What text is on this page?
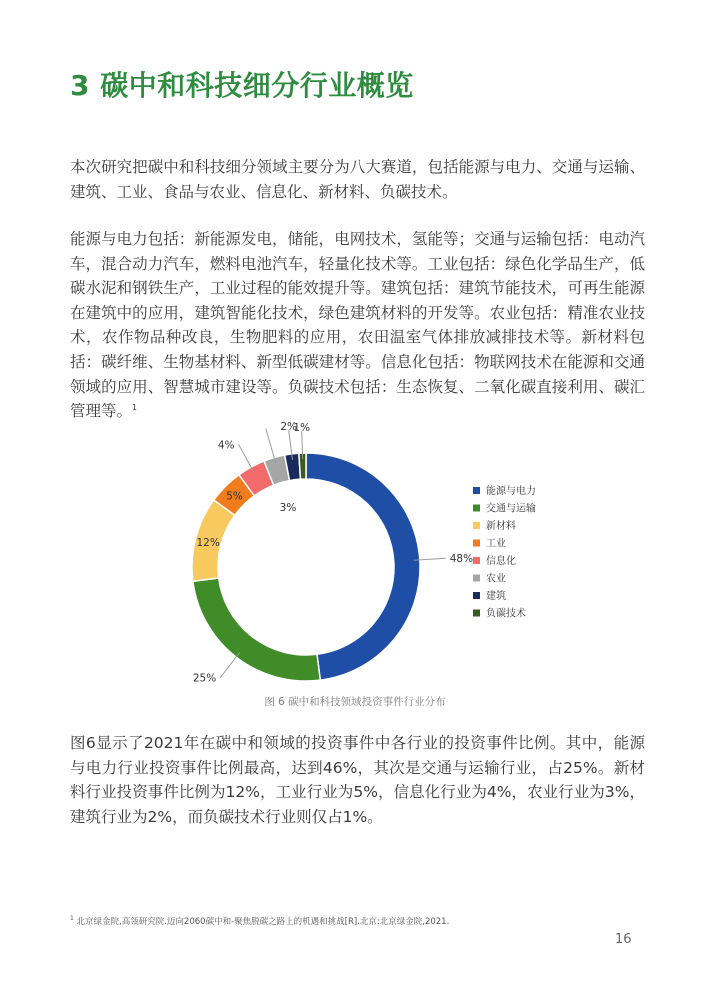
3 碳中和科技细分行业概览

本次研究把碳中和科技细分领域主要分为八大赛道，包括能源与电力、交通与运输、建筑、工业、食品与农业、信息化、新材料、负碳技术。

能源与电力包括：新能源发电，储能，电网技术，氢能等；交通与运输包括：电动汽车，混合动力汽车，燃料电池汽车，轻量化技术等。工业包括：绿色化学品生产，低碳水泥和钢铁生产，工业过程的能效提升等。建筑包括：建筑节能技术，可再生能源在建筑中的应用，建筑智能化技术，绿色建筑材料的开发等。农业包括：精准农业技术，农作物品种改良，生物肥料的应用，农田温室气体排放减排技术等。新材料包括：碳纤维、生物基材料、新型低碳建材等。信息化包括：物联网技术在能源和交通领域的应用、智慧城市建设等。负碳技术包括：生态恢复、二氧化碳直接利用、碳汇管理等。$^1$

48%
25%
12%
5%
4%
3%
2%
1%
能源与电力
交通与运输
新材料
工业
信息化
农业
建筑
负碳技术

图 6 碳中和科技领域投资事件行业分布

图6显示了2021年在碳中和领域的投资事件中各行业的投资事件比例。其中，能源与电力行业投资事件比例最高，达到46%，其次是交通与运输行业，占25%。新材料行业投资事件比例为12%，工业行业为5%，信息化行业为4%，农业行业为3%，建筑行业为2%，而负碳技术行业则仅占1%。

$^1$ 北京绿金院,高瓴研究院.迈向2060碳中和-聚焦脱碳之路上的机遇和挑战[R].北京:北京绿金院,2021.

16
